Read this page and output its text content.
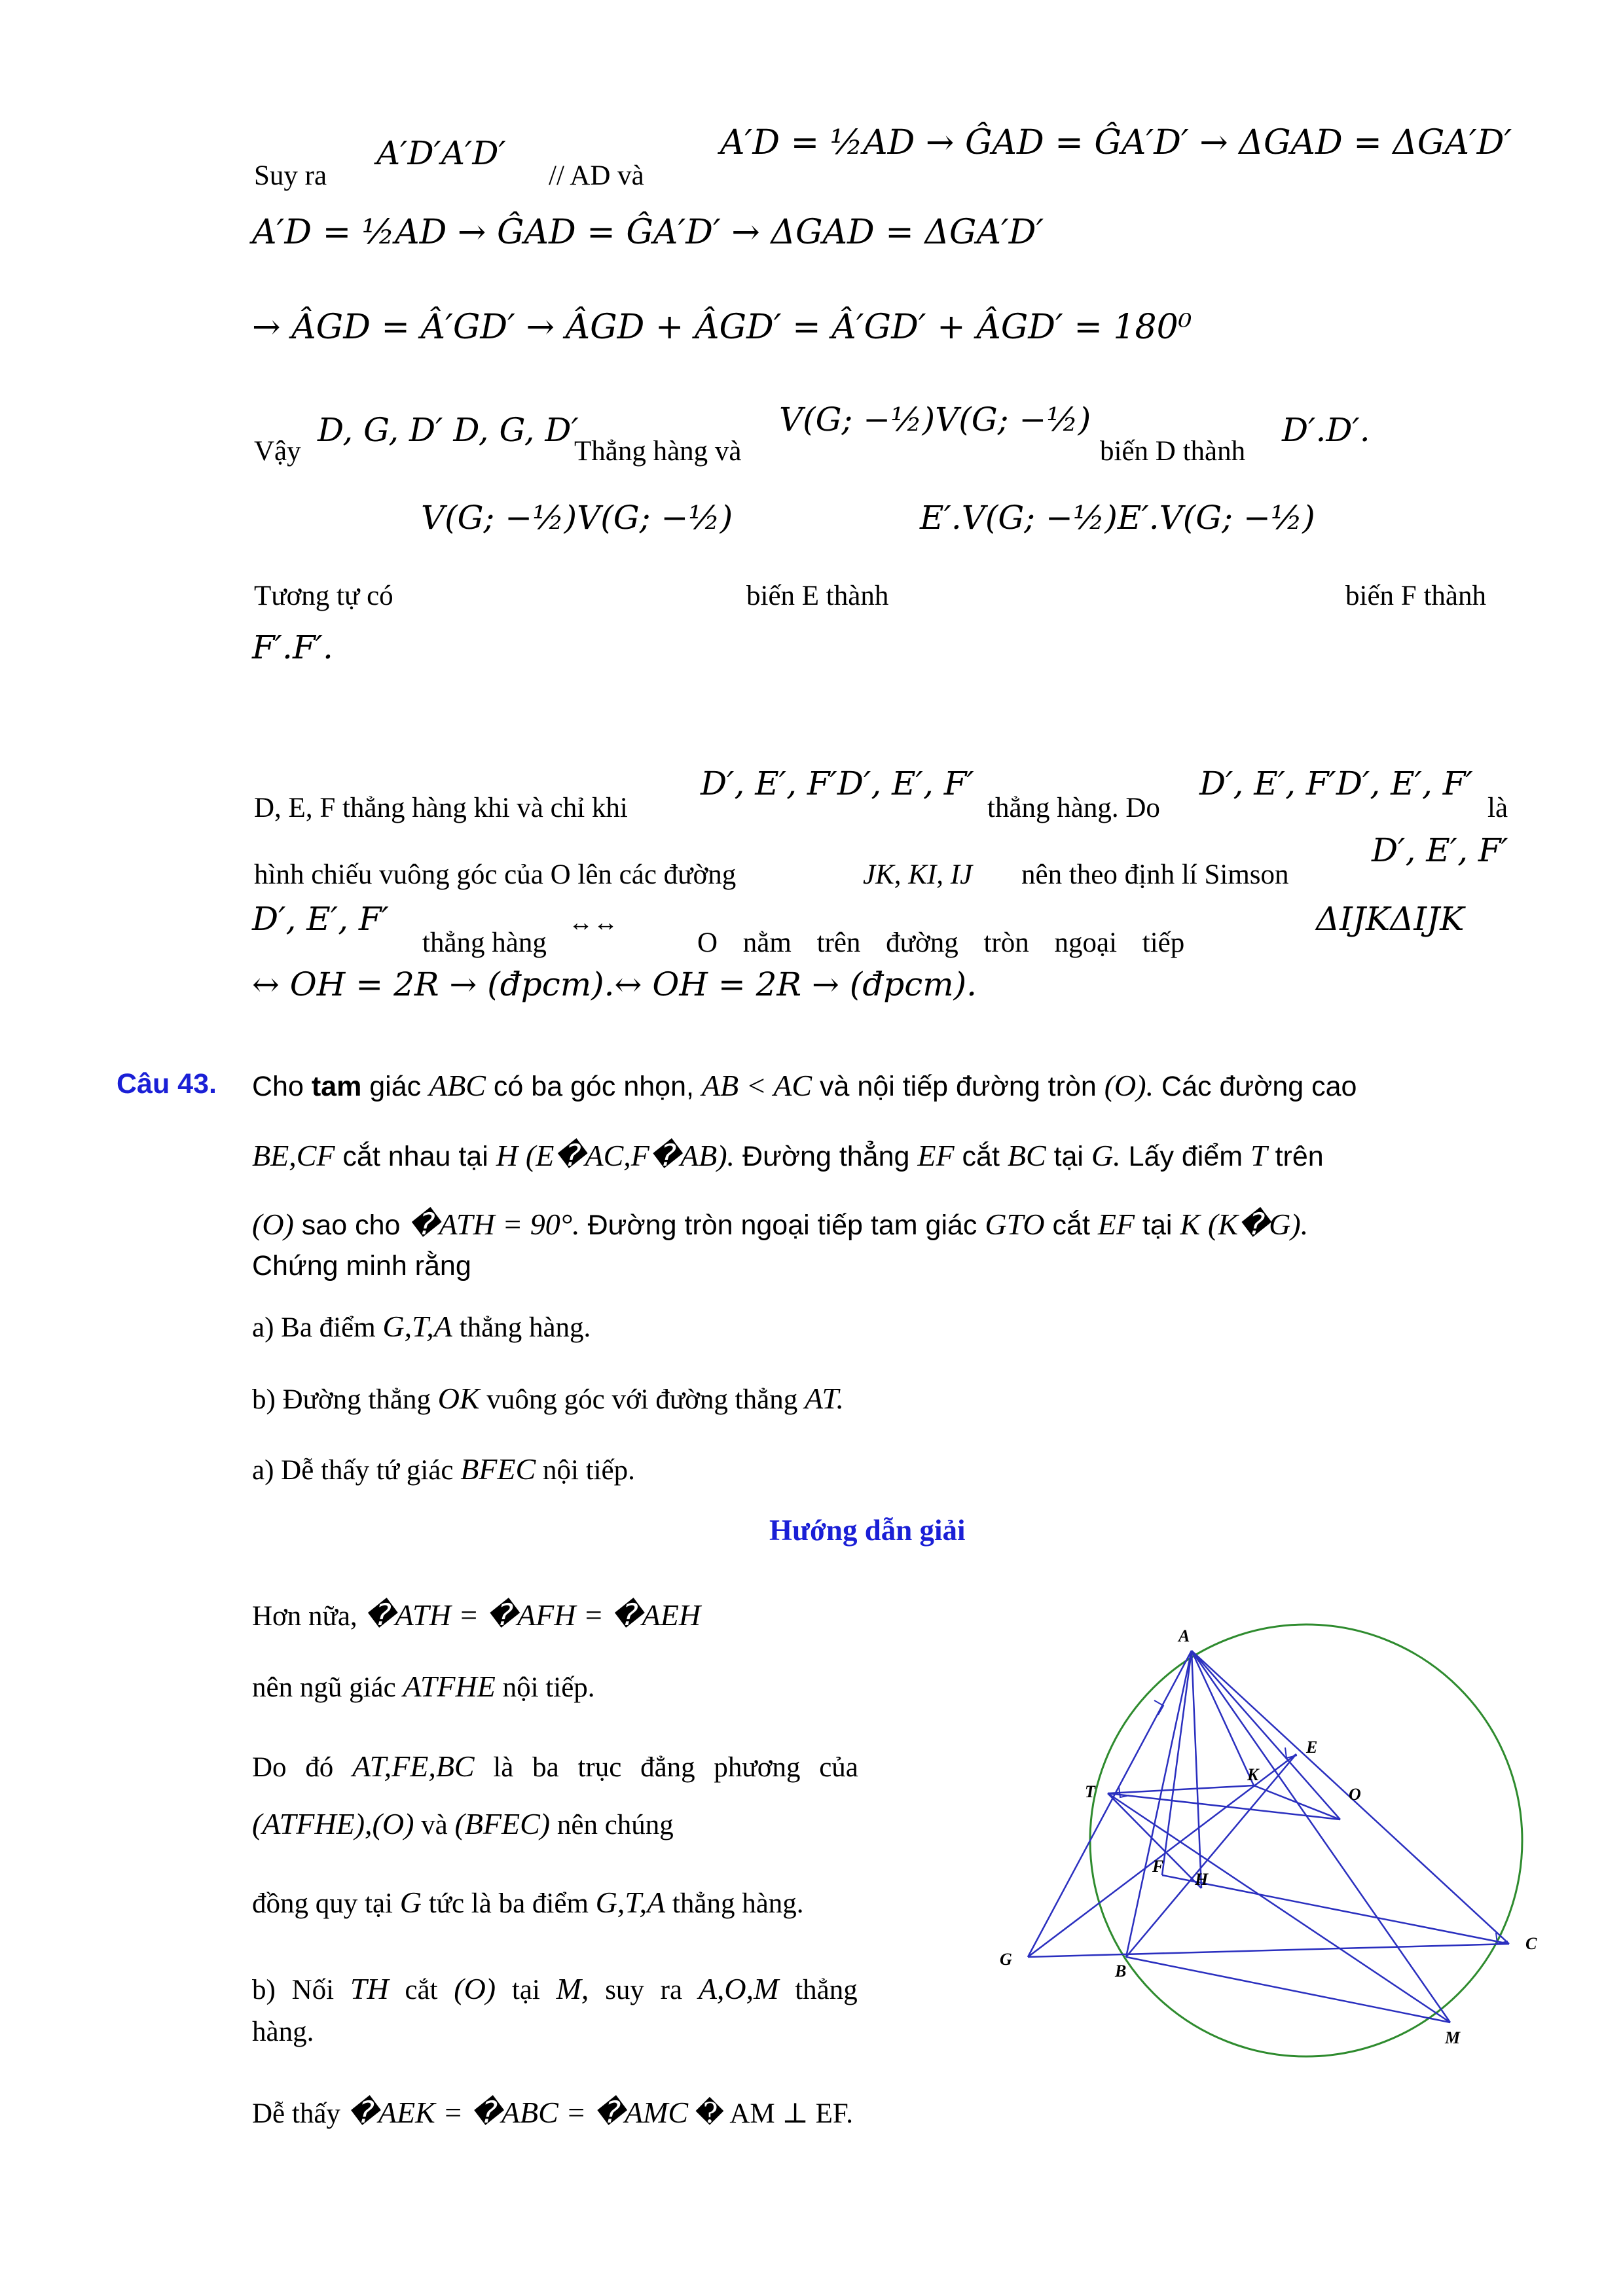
Suy ra
A′D′A′D′
// AD và
A′D = ½AD → ĜAD = ĜA′D′ → ΔGAD = ΔGA′D′
A′D = ½AD → ĜAD = ĜA′D′ → ΔGAD = ΔGA′D′
→ ÂGD = Â′GD′ → ÂGD + ÂGD′ = Â′GD′ + ÂGD′ = 180⁰
Vậy
D, G, D′ D, G, D′
Thẳng hàng và
V(G; −½)V(G; −½)
biến D thành
D′.D′.
V(G; −½)V(G; −½)	E′.V(G; −½)E′.V(G; −½)
Tương tự có	biến E thành	biến F thành
F′.F′.
D, E, F thẳng hàng khi và chỉ khi
D′, E′, F′D′, E′, F′
thẳng hàng. Do
D′, E′, F′D′, E′, F′
là
hình chiếu vuông góc của O lên các đường	JK, KI, IJ nên theo định lí Simson
D′, E′, F′
D′, E′, F′
thẳng hàng
↔↔
O nằm trên đường tròn ngoại tiếp
ΔIJKΔIJK
↔ OH = 2R → (đpcm).↔ OH = 2R → (đpcm).
Câu 43. Cho tam giác ABC có ba góc nhọn, AB < AC và nội tiếp đường tròn (O). Các đường cao
BE,CF cắt nhau tại H (E�AC,F�AB). Đường thẳng EF cắt BC tại G. Lấy điểm T trên
(O) sao cho �ATH = 90°. Đường tròn ngoại tiếp tam giác GTO cắt EF tại K (K�G).
Chứng minh rằng
a) Ba điểm G,T,A thẳng hàng.
b) Đường thẳng OK vuông góc với đường thẳng AT.
a) Dễ thấy tứ giác BFEC nội tiếp.
Hướng dẫn giải
Hơn nữa, �ATH = �AFH = �AEH
nên ngũ giác ATFHE nội tiếp.
Do đó AT,FE,BC là ba trục đẳng phương của
(ATFHE),(O) và (BFEC) nên chúng
đồng quy tại G tức là ba điểm G,T,A thẳng hàng.
b) Nối TH cắt (O) tại M, suy ra A,O,M thẳng
hàng.
Dễ thấy �AEK = �ABC = �AMC � AM ⊥ EF.
A
E
K
T	O
F
H
G
B
C
M
